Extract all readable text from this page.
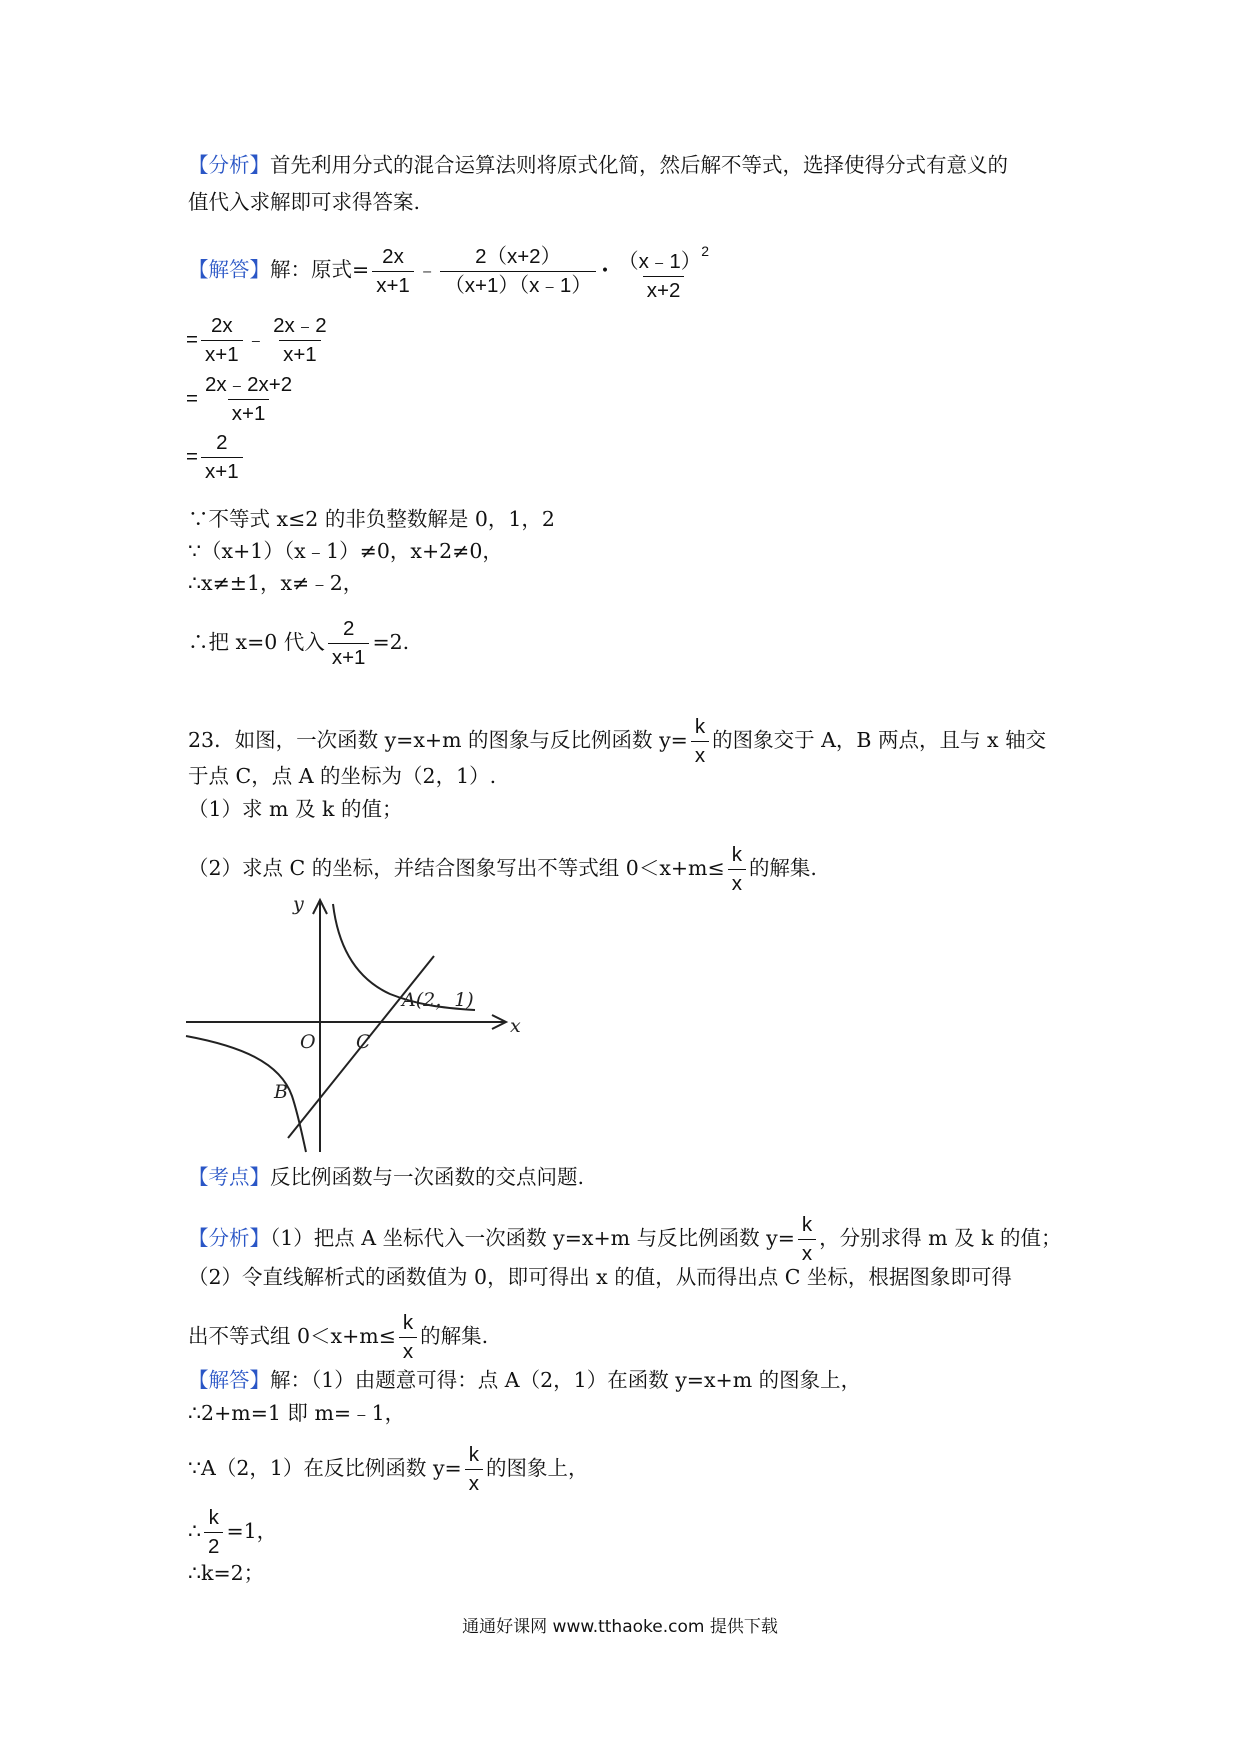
【分析】首先利用分式的混合运算法则将原式化简，然后解不等式，选择使得分式有意义的
值代入求解即可求得答案.
【解答】解：原式= $\frac{2x}{x+1}$ ﹣ $\frac{2(x+2)}{(x+1)(x﹣1)}$ • $\frac{(x﹣1)^2}{x+2}$
= $\frac{2x}{x+1}$ ﹣ $\frac{2x﹣2}{x+1}$
= $\frac{2x﹣2x+2}{x+1}$
= $\frac{2}{x+1}$
∵不等式 x≤2 的非负整数解是 0，1，2
∵（x+1）（x﹣1）≠0，x+2≠0，
∴x≠±1，x≠﹣2，
∴把 x=0 代入 $\frac{2}{x+1} =2$.
23．如图，一次函数 y=x+m 的图象与反比例函数 $y= \frac{k}{x}$ 的图象交于 A，B 两点，且与 x 轴交
于点 C，点 A 的坐标为（2，1）.
（1）求 m 及 k 的值；
（2）求点 C 的坐标，并结合图象写出不等式组 $0<x+m\le \frac{k}{x}$ 的解集.
y
x
O C
B
A(2，1)
【考点】反比例函数与一次函数的交点问题.
【分析】（1）把点 A 坐标代入一次函数 y=x+m 与反比例函数 $y= \frac{k}{x}$ ，分别求得 m 及 k 的值；
（2）令直线解析式的函数值为 0，即可得出 x 的值，从而得出点 C 坐标，根据图象即可得
出不等式组 $0<x+m\le \frac{k}{x}$ 的解集.
【解答】解：（1）由题意可得：点 A（2，1）在函数 y=x+m 的图象上，
∴2+m=1 即 m=﹣1，
∵A（2，1）在反比例函数 $y= \frac{k}{x}$ 的图象上，
∴ $\frac{k}{2} =1$，
∴k=2；
通通好课网 www.tthaoke.com 提供下载
